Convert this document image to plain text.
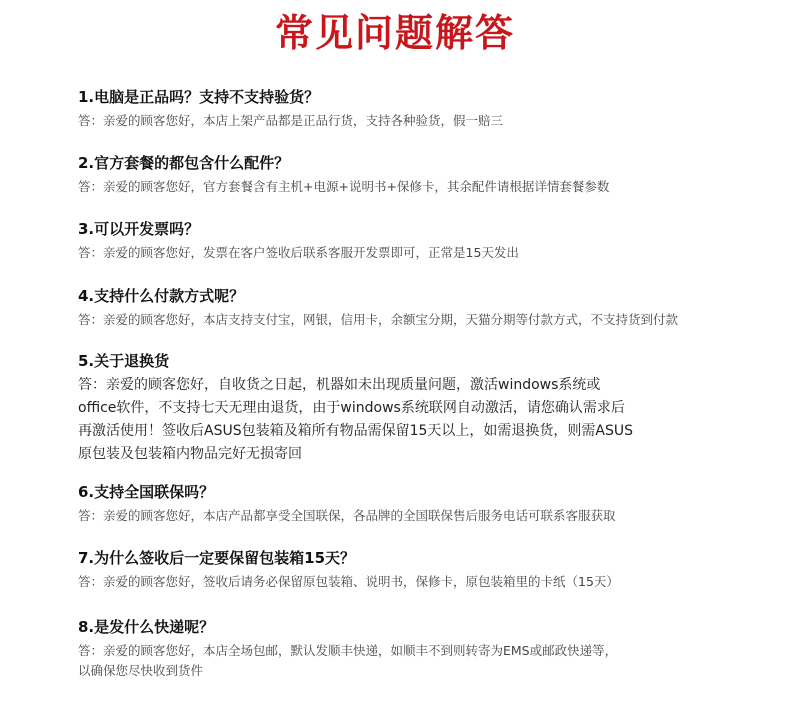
常见问题解答
1.电脑是正品吗？支持不支持验货？
答：亲爱的顾客您好，本店上架产品都是正品行货，支持各种验货，假一赔三
2.官方套餐的都包含什么配件？
答：亲爱的顾客您好，官方套餐含有主机+电源+说明书+保修卡，其余配件请根据详情套餐参数
3.可以开发票吗？
答：亲爱的顾客您好，发票在客户签收后联系客服开发票即可，正常是15天发出
4.支持什么付款方式呢？
答：亲爱的顾客您好，本店支持支付宝，网银，信用卡，余额宝分期，天猫分期等付款方式，不支持货到付款
5.关于退换货
答：亲爱的顾客您好，自收货之日起，机器如未出现质量问题，激活windows系统或
office软件，不支持七天无理由退货，由于windows系统联网自动激活，请您确认需求后
再激活使用！签收后ASUS包装箱及箱所有物品需保留15天以上，如需退换货，则需ASUS
原包装及包装箱内物品完好无损寄回
6.支持全国联保吗？
答：亲爱的顾客您好，本店产品都享受全国联保，各品牌的全国联保售后服务电话可联系客服获取
7.为什么签收后一定要保留包装箱15天？
答：亲爱的顾客您好，签收后请务必保留原包装箱、说明书，保修卡，原包装箱里的卡纸（15天）
8.是发什么快递呢？
答：亲爱的顾客您好，本店全场包邮，默认发顺丰快递，如顺丰不到则转寄为EMS或邮政快递等，
以确保您尽快收到货件
